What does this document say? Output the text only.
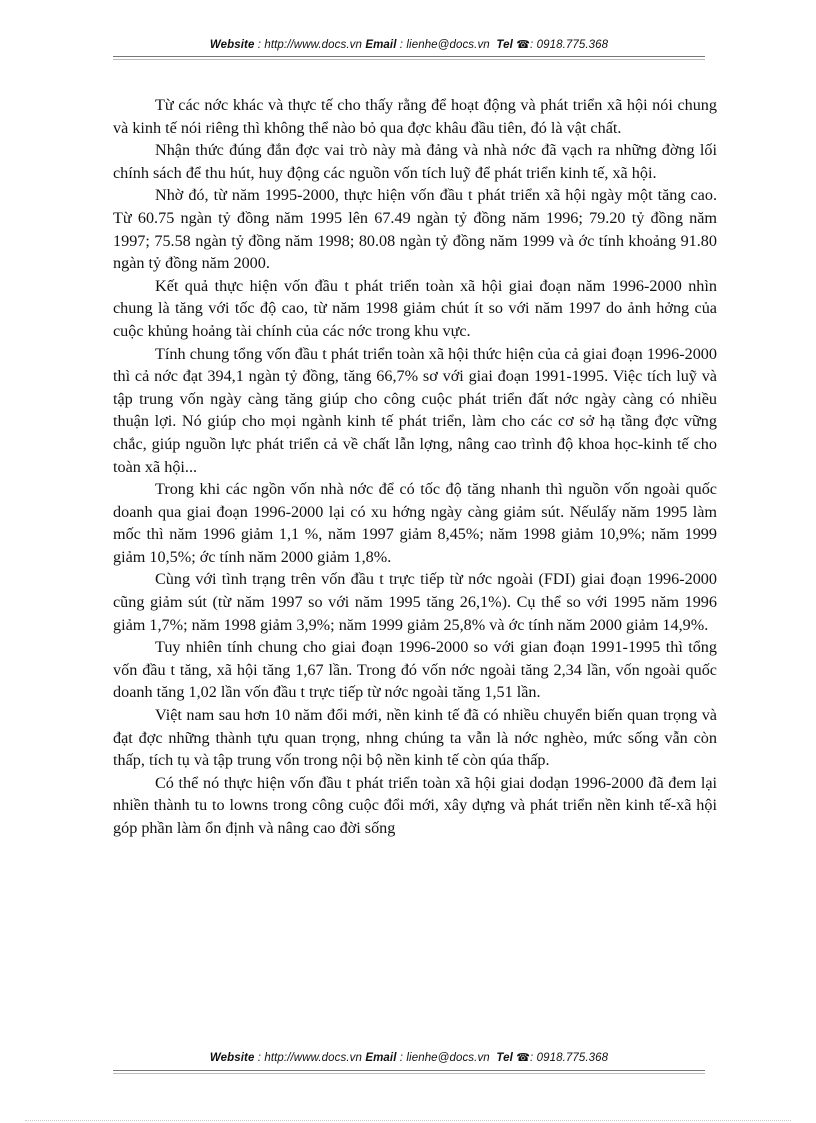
Website : http://www.docs.vn Email : lienhe@docs.vn Tel ☎: 0918.775.368

Từ các nớc khác và thực tế cho thấy rằng để hoạt động và phát triển xã hội nói chung và kinh tế nói riêng thì không thể nào bỏ qua đợc khâu đầu tiên, đó là vật chất.

Nhận thức đúng đắn đợc vai trò này mà đảng và nhà nớc đã vạch ra những đờng lối chính sách để thu hút, huy động các nguồn vốn tích luỹ để phát triển kinh tế, xã hội.

Nhờ đó, từ năm 1995-2000, thực hiện vốn đầu t phát triển xã hội ngày một tăng cao. Từ 60.75 ngàn tỷ đồng năm 1995 lên 67.49 ngàn tỷ đồng năm 1996; 79.20 tỷ đồng năm 1997; 75.58 ngàn tỷ đồng năm 1998; 80.08 ngàn tỷ đồng năm 1999 và ớc tính khoảng 91.80 ngàn tỷ đồng năm 2000.

Kết quả thực hiện vốn đầu t phát triển toàn xã hội giai đoạn năm 1996-2000 nhìn chung là tăng với tốc độ cao, từ năm 1998 giảm chút ít so với năm 1997 do ảnh hởng của cuộc khủng hoảng tài chính của các nớc trong khu vực.

Tính chung tổng vốn đầu t phát triển toàn xã hội thức hiện của cả giai đoạn 1996-2000 thì cả nớc đạt 394,1 ngàn tỷ đồng, tăng 66,7% sơ với giai đoạn 1991-1995. Việc tích luỹ và tập trung vốn ngày càng tăng giúp cho công cuộc phát triển đất nớc ngày càng có nhiều thuận lợi. Nó giúp cho mọi ngành kinh tế phát triển, làm cho các cơ sở hạ tầng đợc vững chắc, giúp nguồn lực phát triển cả về chất lẫn lợng, nâng cao trình độ khoa học-kinh tế cho toàn xã hội...

Trong khi các ngồn vốn nhà nớc để có tốc độ tăng nhanh thì nguồn vốn ngoài quốc doanh qua giai đoạn 1996-2000 lại có xu hớng ngày càng giảm sút. Nếulấy năm 1995 làm mốc thì năm 1996 giảm 1,1 %, năm 1997 giảm 8,45%; năm 1998 giảm 10,9%; năm 1999 giảm 10,5%; ớc tính năm 2000 giảm 1,8%.

Cùng với tình trạng trên vốn đầu t trực tiếp từ nớc ngoài (FDI) giai đoạn 1996-2000 cũng giảm sút (từ năm 1997 so với năm 1995 tăng 26,1%). Cụ thể so với 1995 năm 1996 giảm 1,7%; năm 1998 giảm 3,9%; năm 1999 giảm 25,8% và ớc tính năm 2000 giảm 14,9%.

Tuy nhiên tính chung cho giai đoạn 1996-2000 so với gian đoạn 1991-1995 thì tổng vốn đầu t tăng, xã hội tăng 1,67 lần. Trong đó vốn nớc ngoài tăng 2,34 lần, vốn ngoài quốc doanh tăng 1,02 lần vốn đầu t trực tiếp từ nớc ngoài tăng 1,51 lần.

Việt nam sau hơn 10 năm đổi mới, nền kinh tế đã có nhiều chuyển biến quan trọng và đạt đợc những thành tựu quan trọng, nhng chúng ta vẫn là nớc nghèo, mức sống vẫn còn thấp, tích tụ và tập trung vốn trong nội bộ nền kinh tế còn qúa thấp.

Có thể nó thực hiện vốn đầu t phát triển toàn xã hội giai dodạn 1996-2000 đã đem lại nhiền thành tu to lowns trong công cuộc đổi mới, xây dựng và phát triển nền kinh tế-xã hội góp phần làm ổn định và nâng cao đời sống

Website : http://www.docs.vn Email : lienhe@docs.vn Tel ☎: 0918.775.368
